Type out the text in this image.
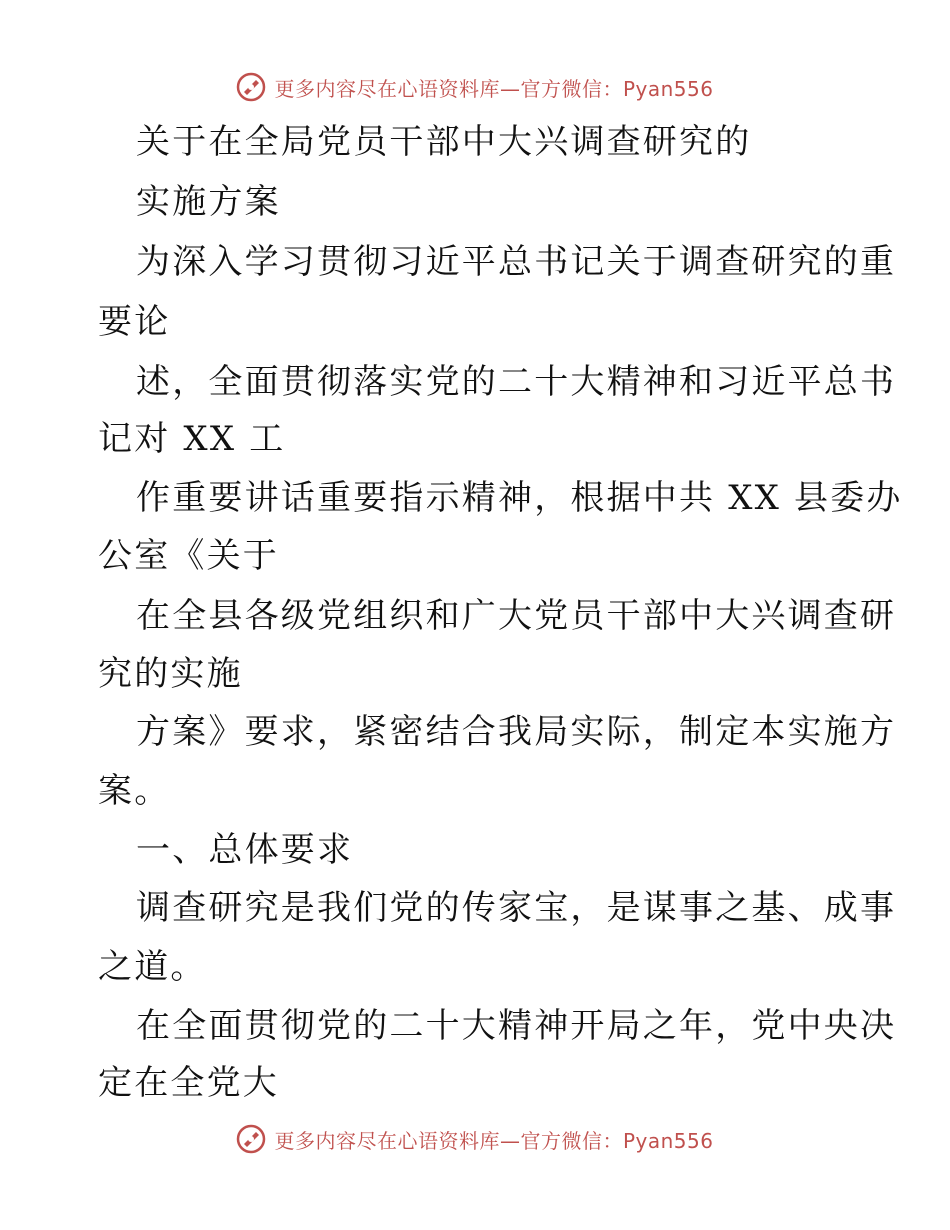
更多内容尽在心语资料库—官方微信：Pyan556
关于在全局党员干部中大兴调查研究的
实施方案
为深入学习贯彻习近平总书记关于调查研究的重
要论
述，全面贯彻落实党的二十大精神和习近平总书
记对 XX 工
作重要讲话重要指示精神，根据中共 XX 县委办
公室《关于
在全县各级党组织和广大党员干部中大兴调查研
究的实施
方案》要求，紧密结合我局实际，制定本实施方
案。
一、总体要求
调查研究是我们党的传家宝，是谋事之基、成事
之道。
在全面贯彻党的二十大精神开局之年，党中央决
定在全党大
更多内容尽在心语资料库—官方微信：Pyan556
